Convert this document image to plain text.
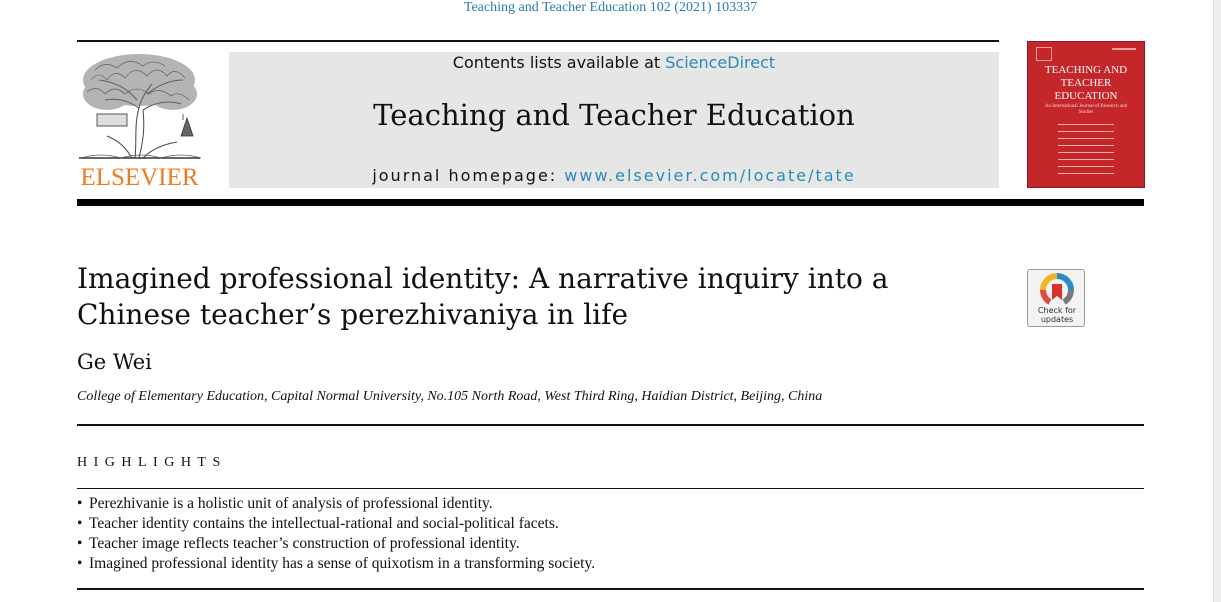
Teaching and Teacher Education 102 (2021) 103337
ELSEVIER
Contents lists available at ScienceDirect
Teaching and Teacher Education
journal homepage: www.elsevier.com/locate/tate
TEACHING AND TEACHER EDUCATION
An International Journal of Research and Studies
Imagined professional identity: A narrative inquiry into a Chinese teacher’s perezhivaniya in life	Check for
updates
Ge Wei
College of Elementary Education, Capital Normal University, No.105 North Road, West Third Ring, Haidian District, Beijing, China
HIGHLIGHTS
• Perezhivanie is a holistic unit of analysis of professional identity.
• Teacher identity contains the intellectual-rational and social-political facets.
• Teacher image reflects teacher’s construction of professional identity.
• Imagined professional identity has a sense of quixotism in a transforming society.
